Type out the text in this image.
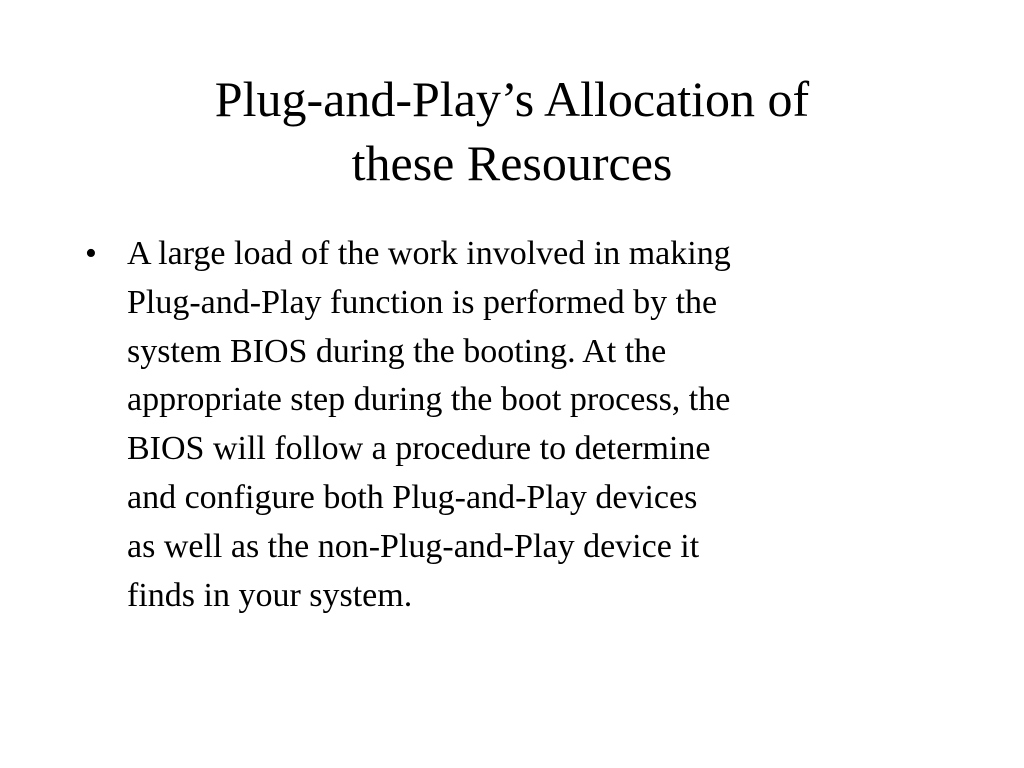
Plug-and-Play’s Allocation of
these Resources
• A large load of the work involved in making
Plug-and-Play function is performed by the
system BIOS during the booting. At the
appropriate step during the boot process, the
BIOS will follow a procedure to determine
and configure both Plug-and-Play devices
as well as the non-Plug-and-Play device it
finds in your system.
